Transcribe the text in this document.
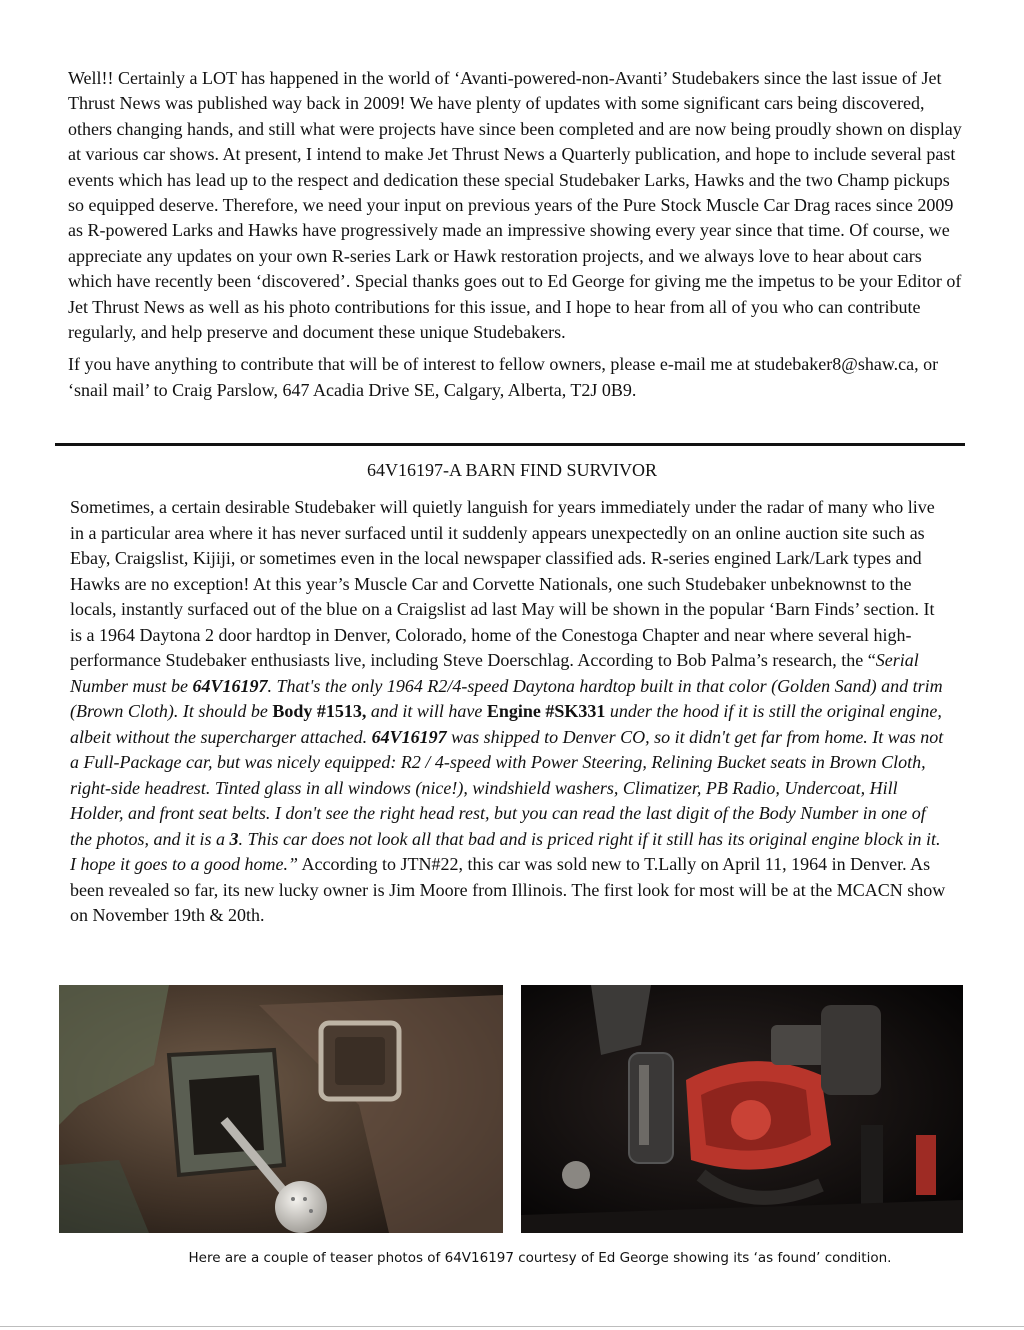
Well!! Certainly a LOT has happened in the world of ‘Avanti-powered-non-Avanti’ Studebakers since the last issue of Jet Thrust News was published way back in 2009! We have plenty of updates with some significant cars being discovered, others changing hands, and still what were projects have since been completed and are now being proudly shown on display at various car shows. At present, I intend to make Jet Thrust News a Quarterly publication, and hope to include several past events which has lead up to the respect and dedication these special Studebaker Larks, Hawks and the two Champ pickups so equipped deserve. Therefore, we need your input on previous years of the Pure Stock Muscle Car Drag races since 2009 as R-powered Larks and Hawks have progressively made an impressive showing every year since that time. Of course, we appreciate any updates on your own R-series Lark or Hawk restoration projects, and we always love to hear about cars which have recently been ‘discovered’. Special thanks goes out to Ed George for giving me the impetus to be your Editor of Jet Thrust News as well as his photo contributions for this issue, and I hope to hear from all of you who can contribute regularly, and help preserve and document these unique Studebakers.

If you have anything to contribute that will be of interest to fellow owners, please e-mail me at studebaker8@shaw.ca, or ‘snail mail’ to Craig Parslow, 647 Acadia Drive SE, Calgary, Alberta, T2J 0B9.

64V16197-A BARN FIND SURVIVOR

Sometimes, a certain desirable Studebaker will quietly languish for years immediately under the radar of many who live in a particular area where it has never surfaced until it suddenly appears unexpectedly on an online auction site such as Ebay, Craigslist, Kijiji, or sometimes even in the local newspaper classified ads. R-series engined Lark/Lark types and Hawks are no exception! At this year’s Muscle Car and Corvette Nationals, one such Studebaker unbeknownst to the locals, instantly surfaced out of the blue on a Craigslist ad last May will be shown in the popular ‘Barn Finds’ section. It is a 1964 Daytona 2 door hardtop in Denver, Colorado, home of the Conestoga Chapter and near where several high-performance Studebaker enthusiasts live, including Steve Doerschlag. According to Bob Palma’s research, the “Serial Number must be 64V16197. That's the only 1964 R2/4-speed Daytona hardtop built in that color (Golden Sand) and trim (Brown Cloth). It should be Body #1513, and it will have Engine #SK331 under the hood if it is still the original engine, albeit without the supercharger attached. 64V16197 was shipped to Denver CO, so it didn't get far from home. It was not a Full-Package car, but was nicely equipped: R2 / 4-speed with Power Steering, Relining Bucket seats in Brown Cloth, right-side headrest. Tinted glass in all windows (nice!), windshield washers, Climatizer, PB Radio, Undercoat, Hill Holder, and front seat belts. I don't see the right head rest, but you can read the last digit of the Body Number in one of the photos, and it is a 3. This car does not look all that bad and is priced right if it still has its original engine block in it. I hope it goes to a good home.” According to JTN#22, this car was sold new to T.Lally on April 11, 1964 in Denver. As been revealed so far, its new lucky owner is Jim Moore from Illinois. The first look for most will be at the MCACN show on November 19th & 20th.

Here are a couple of teaser photos of 64V16197 courtesy of Ed George showing its ‘as found’ condition.
